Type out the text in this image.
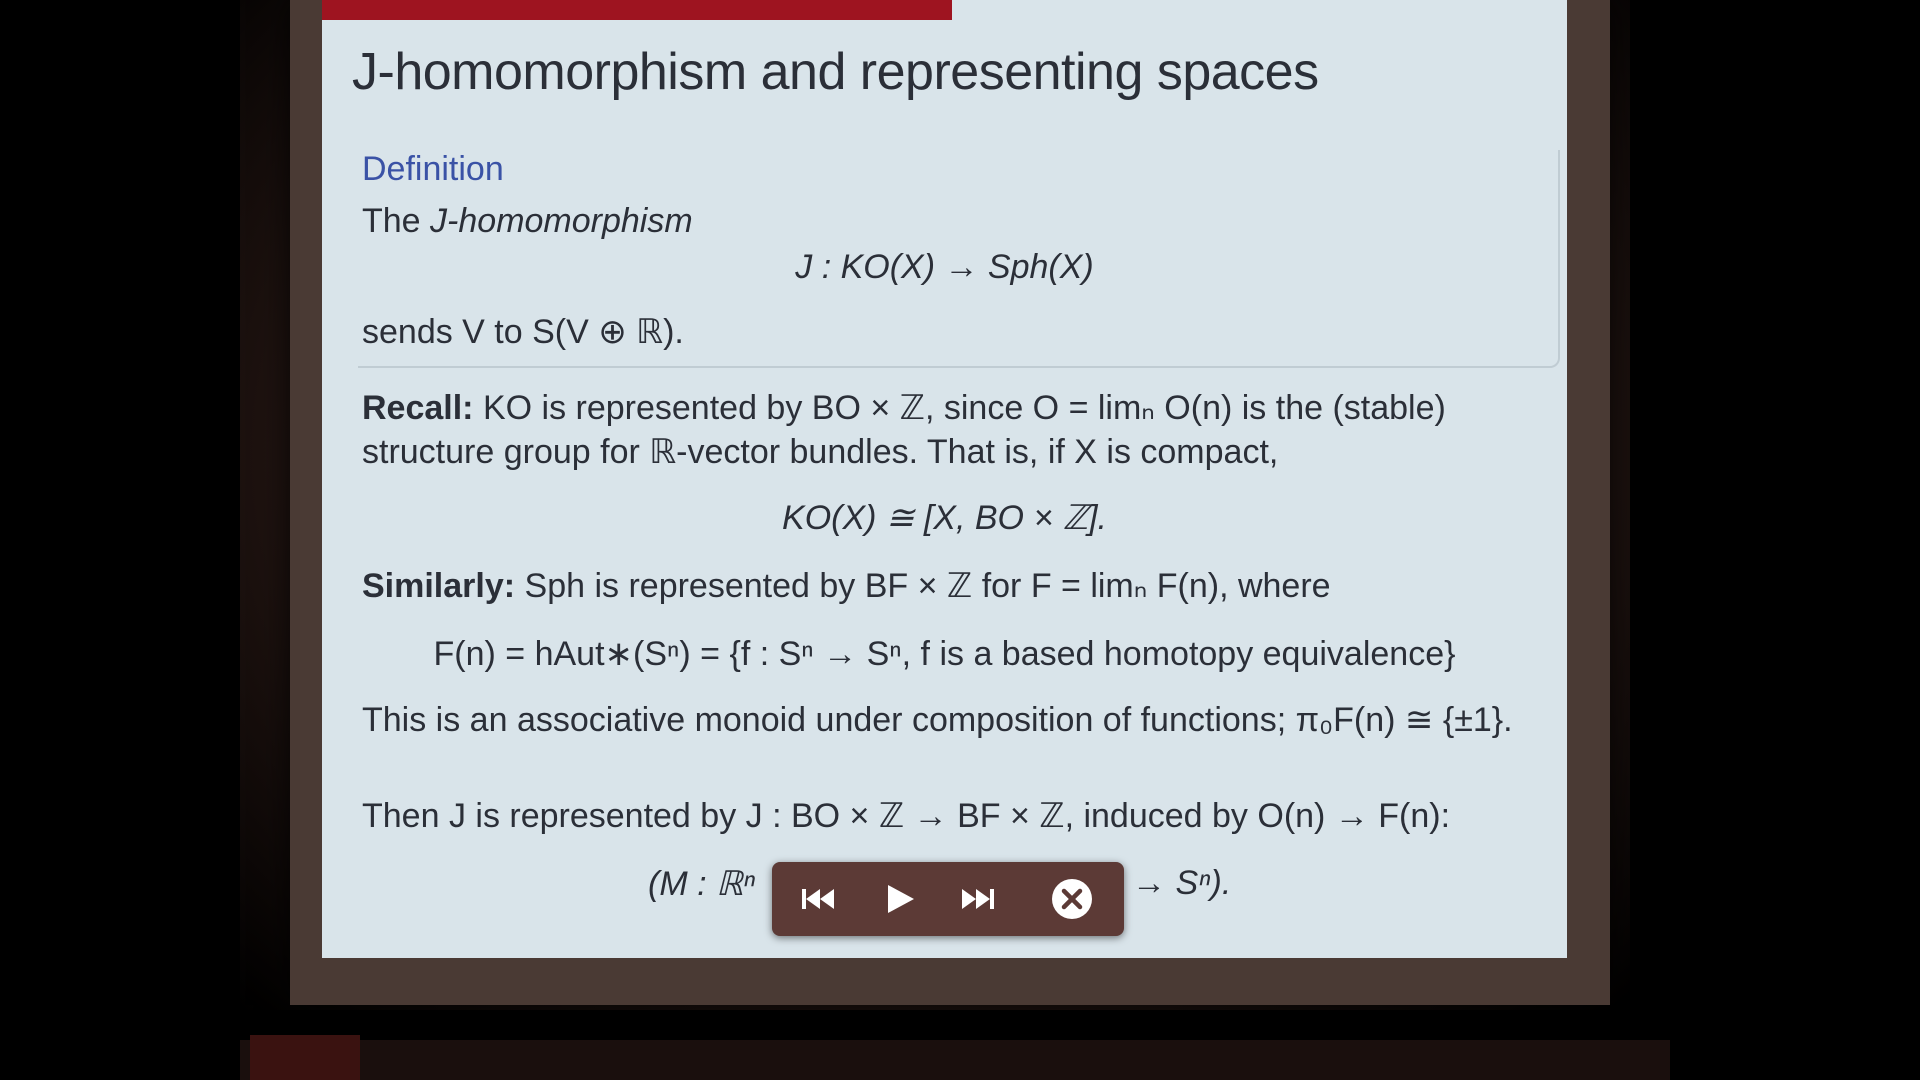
J-homomorphism and representing spaces
Definition
The J-homomorphism
J : KO(X) → Sph(X)
sends V to S(V ⊕ ℝ).
Recall: KO is represented by BO × ℤ, since O = limₙ O(n) is the (stable)
structure group for ℝ-vector bundles. That is, if X is compact,
KO(X) ≅ [X, BO × ℤ].
Similarly: Sph is represented by BF × ℤ for F = limₙ F(n), where
F(n) = hAut∗(Sⁿ) = {f : Sⁿ → Sⁿ, f is a based homotopy equivalence}
This is an associative monoid under composition of functions; π₀F(n) ≅ {±1}.
Then J is represented by J : BO × ℤ → BF × ℤ, induced by O(n) → F(n):
(M : ℝⁿ	→ Sⁿ).
